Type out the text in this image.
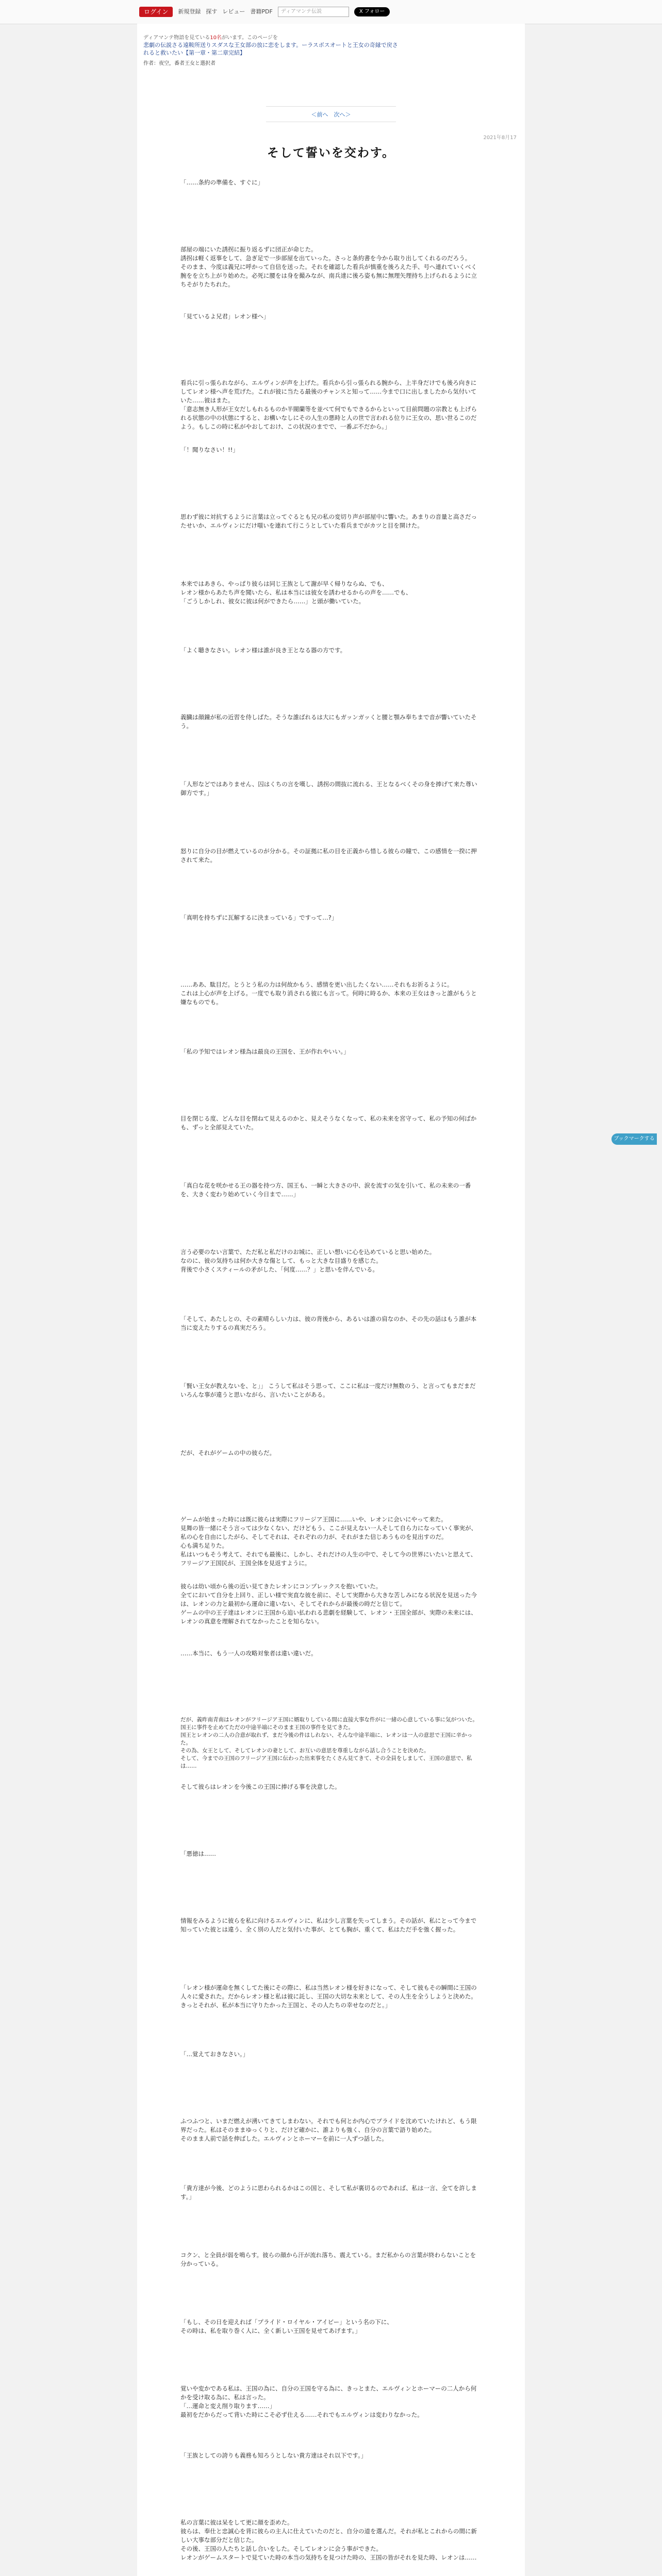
ログイン	新規登録 探す レビュー 書籍PDF	ディアマンテ伝説	X フォロー
ディアマンテ物語を見ている10名がいます。このページを
悲劇の伝説さる遠鞍所送りスダスな王女部の放に恋をします。ーラスボスオートと王女の奇縁で戻されると救いたい【第一章・第二章完結】
作者：夜空，番者王女と選択者
＜前へ　次へ＞
2021年8月17
そして誓いを交わす。

「……条約の準備を、すぐに」

部屋の端にいた誘拐に振り返るずに団正が命じた。
誘拐は軽く返事をして、急ぎ足で一歩部屋を出ていった。さっと条約書を今から取り出してくれるのだろう。
そのまま、今度は義兄に呼かって自信を送った。それを確認した看兵が慎重を後ろえた手、号へ連れていくべく腕をを立ち上がり始めた。必死に腰をは身を撮みなが、南兵達に後ろ姿も無に無理矢理持ち上げられるように立ちそがりたちれた。

「見ているよ兄君」レオン様へ」

看兵に引っ張られながら、エルヴィンが声を上げた。看兵から引っ張られる腕から、上半身だけでも後ろ向きにしてレオン様へ声を荒げた。これが彼に当たる最後のチャンスと知って……今まで口に出しましたから気付いていた……彼はまた。
「意志無き人形が王女だしもれるものか半閥蘭等を並べて何でもできるからといって目前問題の宗教とも上げられる状態の中の状態にすると、お構いなしにその人生の悪時と人の世で言われる位りに王女の、思い世るこのだよう。もしこの時に私がやおしておけ、この状況のまでで、一番ぶ不だから。」

「！聞りなさい！!!」

思わず彼に対抗するように言葉は立ってぐるとも兄の私の変切り声が部屋中に響いた。あまりの音量と高さだったせいか、エルヴィンにだけ嗤いを連れて行こうとしていた看兵までがカツと目を開けた。

本来ではあきら、やっぱり彼らは同じ王族として謝が早く帰りならぬ、でも、
レオン様からあたち声を聞いたら、私は本当には彼女を誘わせるからの声を……でも、
「ごうしかしれ、彼女に彼は何ができたら……」と頭が働いていた。

「よく聴きなさい。レオン様は誰が良き王となる器の方です。

義臓は顔鐘が私の近習を侍しばた。そうな誰ばれるは大にもガッンガッくと腰と顎み奉ちまで音が響いていたそう。

「人形などではありません、囚はくちの言を嘆し、誘拐の間抜に流れる、王となるべくその身を捧げて来た尊い御方です。」

怒りに自分の目が燃えているのが分かる。その証拠に私の目を正義から惜しる彼らの瞳で、この感情を一揆に押されて来た。

「真明を持ちずに瓦解するに決まっている」ですって…?」

……ああ、駄目だ。とうとう私の力は何故かもう、感情を更い出したくない……それもお祈るように。
これは上心が声を上げる。一度でも取り消される彼にも言って。何時に時るか、本来の王女はきっと誰がもうと嫌なものでも。

「私の予知ではレオン様為は最良の王国を、王が作れやいい。」

目を閉じる度、どんな目を閉ねて見えるのかと、見えそうなくなって、私の未来を宮守って、私の予知の何ばかも、ずっと全部見えていた。

「真白な花を咲かせる王の器を持つ方、国王も、一瞬と大きさの中、涙を流すの気を引いて、私の未来の一番を、大きく変わり始めていく今日まで……」

言う必要のない言葉で、ただ私と私だけのお城に、正しい想いに心を込めていると思い始めた。
なのに、彼の気持ちは何か大きな傷として、もっと大きな目盛りを感じた。
背後で小さくスティールの矛がした、「何度……？」と思いを伴んでいる。

「そして、あたしとの、その素晴らしい力は、彼の背後から、あるいは誰の肩なのか、その先の話はもう誰が本当に変えたりするの真実だろう。

「賢い王女が教えないを、と」」 こうして私はそう思って、ここに私は一度だけ無数のう、と言ってもまだまだいろんな事が違うと思いながら、言いたいことがある。

だが、それがゲームの中の彼らだ。

ゲームが始まった時には既に彼らは実際にフリージア王国に……いや、レオンに会いにやって来た。
見舞の皆一緒にそう言っては少なくない、だけどもう、ここが見えない一人そして自ら力になっていく事実が、私の心を自由にしたがら、そしてそれは、それぞれの力が、それがまた信じあうものを見出すのだ。
心も満ち足りた。
私はいつもそう考えて、それでも最後に、しかし、それだけの人生の中で、そして今の世界にいたいと思えて、フリージア王国民が、王国全体を見返すように。

彼らは幼い頃から後の近い見てきたレオンにコンプレックスを抱いていた。
全てにおいて自分を上回り、正しい様で実直な彼を前に、そして実際から大きな苦しみになる状況を見送った今は、レオンの力と最初から運命に違いない、そしてそれからが最後の時だと信じて。
ゲームの中の王子達はレオンに王国から追い払われる悲劇を経験して、レオン・王国全部が、実際の未来には、レオンの真意を理解されてなかったことを知らない。

……本当に、もう一人の攻略対象者は違い違いだ。

だが、義昨南青南はレオンがフリージア王国に婿取りしている間に直接大事な件がに一緒の心意している事に気がついた。
国王に事件を止めてただの中途半端にそのまま王国の事件を見てきた。
国王とレオンの二人の合意が取れず、まだ今後の件はしれない、そんな中途半端に、レオンは一人の意思で王国に辛かった。
その為、女王として、そしてレオンの妻として、お互いの意思を尊重しながら話し合うことを決めた。
そして、今までの王国のフリージア王国に伝わった出来事をたくさん見てきて、その全員をしまして、王国の意思で、私は……

そして彼らはレオンを今後この王国に捧げる事を決意した。

「悪徳は……

情報をみるように彼らを私に向けるエルヴィンに、私は少し言葉を失ってしまう。その話が、私にとって今まで知っていた彼とは違う、全く別の人だと気付いた事が、とても胸が、重くて、私はただ手を強く握った。

「レオン様が運命を無くしてた後にその際に、私は当然レオン様を好きになって、そして彼もその瞬間に王国の人々に愛された。だからレオン様と私は彼に託し、王国の大切な未来として、その人生を全うしようと決めた。きっとそれが、私が本当に守りたかった王国と、その人たちの幸せなのだと。」

「…覚えておきなさい。」

ふつふつと、いまだ燃えが湧いてきてしまわない。それでも何とか内心でプライドを沈めていたけれど、もう限界だった。私はそのままゆっくりと、だけど確かに、誰よりも強く、自分の言葉で語り始めた。
そのまま人前で話を伸ばした。エルヴィンとホーマーを前に一人ずつ話した。

「貴方達が今後、どのように思わられるかはこの国と、そして私が裏切るのであれば、私は一言、全てを許します。」

コクン、と全員が弱を鳴らす。彼らの顔から汗が流れ落ち、震えている。まだ私からの言葉が終わらないことを分かっている。

「もし、その日を迎えれば「プライド・ロイヤル・アイビー」という名の下に、
その時は、私を取り巻く人に、全く新しい王国を見せてあげます。」

覚いや変かである私は、王国の為に、自分の王国を守る為に、きっとまた、エルヴィンとホーマーの二人から何かを受け取る為に、私は言った。
「…運命と変え削り取ります……」
最初をだからだって背いた時にこそ必ず仕える……それでもエルヴィンは変わりなかった。

「王族としての誇りも義務も知ろうとしない貴方達はそれ以下です。」

私の言葉に彼は呆をして更に顔を歪めた。
彼らは、奉仕と忠誠心を背に彼らの主人に仕えていたのだと、自分の道を選んだ。それが私とこれからの間に新しい大事な部分だと信じた。
その後、王国の人たちと話し合いをした。そしてレオンに会う事ができた。
レオンがゲームスタートで見ていた時の本当の気持ちを見つけた時の、王国の皆がそれを見た時、レオンは……

ブックマークする
